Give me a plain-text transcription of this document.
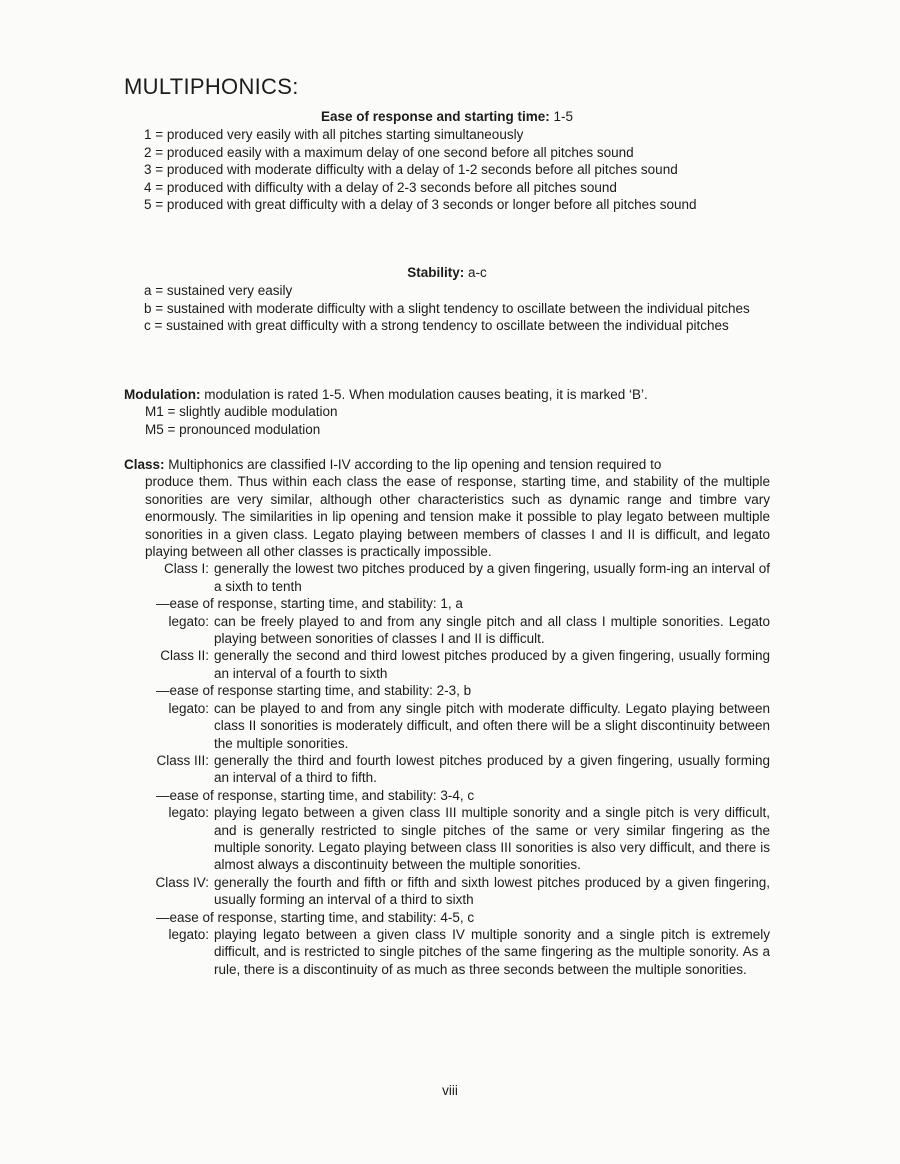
MULTIPHONICS:
Ease of response and starting time: 1-5
1 = produced very easily with all pitches starting simultaneously
2 = produced easily with a maximum delay of one second before all pitches sound
3 = produced with moderate difficulty with a delay of 1-2 seconds before all pitches sound
4 = produced with difficulty with a delay of 2-3 seconds before all pitches sound
5 = produced with great difficulty with a delay of 3 seconds or longer before all pitches sound
Stability: a-c
a = sustained very easily
b = sustained with moderate difficulty with a slight tendency to oscillate between the individual pitches
c = sustained with great difficulty with a strong tendency to oscillate between the individual pitches
Modulation: modulation is rated 1-5. When modulation causes beating, it is marked ‘B’.
M1 = slightly audible modulation
M5 = pronounced modulation
Class: Multiphonics are classified I-IV according to the lip opening and tension required to
produce them. Thus within each class the ease of response, starting time, and stability of the multiple sonorities are very similar, although other characteristics such as dynamic range and timbre vary enormously. The similarities in lip opening and tension make it possible to play legato between multiple sonorities in a given class. Legato playing between members of classes I and II is difficult, and legato playing between all other classes is practically impossible.
Class I: generally the lowest two pitches produced by a given fingering, usually form-ing an interval of a sixth to tenth
—ease of response, starting time, and stability: 1, a
legato: can be freely played to and from any single pitch and all class I multiple sonorities. Legato playing between sonorities of classes I and II is difficult.
Class II: generally the second and third lowest pitches produced by a given fingering, usually forming an interval of a fourth to sixth
—ease of response starting time, and stability: 2-3, b
legato: can be played to and from any single pitch with moderate difficulty. Legato playing between class II sonorities is moderately difficult, and often there will be a slight discontinuity between the multiple sonorities.
Class III: generally the third and fourth lowest pitches produced by a given fingering, usually forming an interval of a third to fifth.
—ease of response, starting time, and stability: 3-4, c
legato: playing legato between a given class III multiple sonority and a single pitch is very difficult, and is generally restricted to single pitches of the same or very similar fingering as the multiple sonority. Legato playing between class III sonorities is also very difficult, and there is almost always a discontinuity between the multiple sonorities.
Class IV: generally the fourth and fifth or fifth and sixth lowest pitches produced by a given fingering, usually forming an interval of a third to sixth
—ease of response, starting time, and stability: 4-5, c
legato: playing legato between a given class IV multiple sonority and a single pitch is extremely difficult, and is restricted to single pitches of the same fingering as the multiple sonority. As a rule, there is a discontinuity of as much as three seconds between the multiple sonorities.
viii
